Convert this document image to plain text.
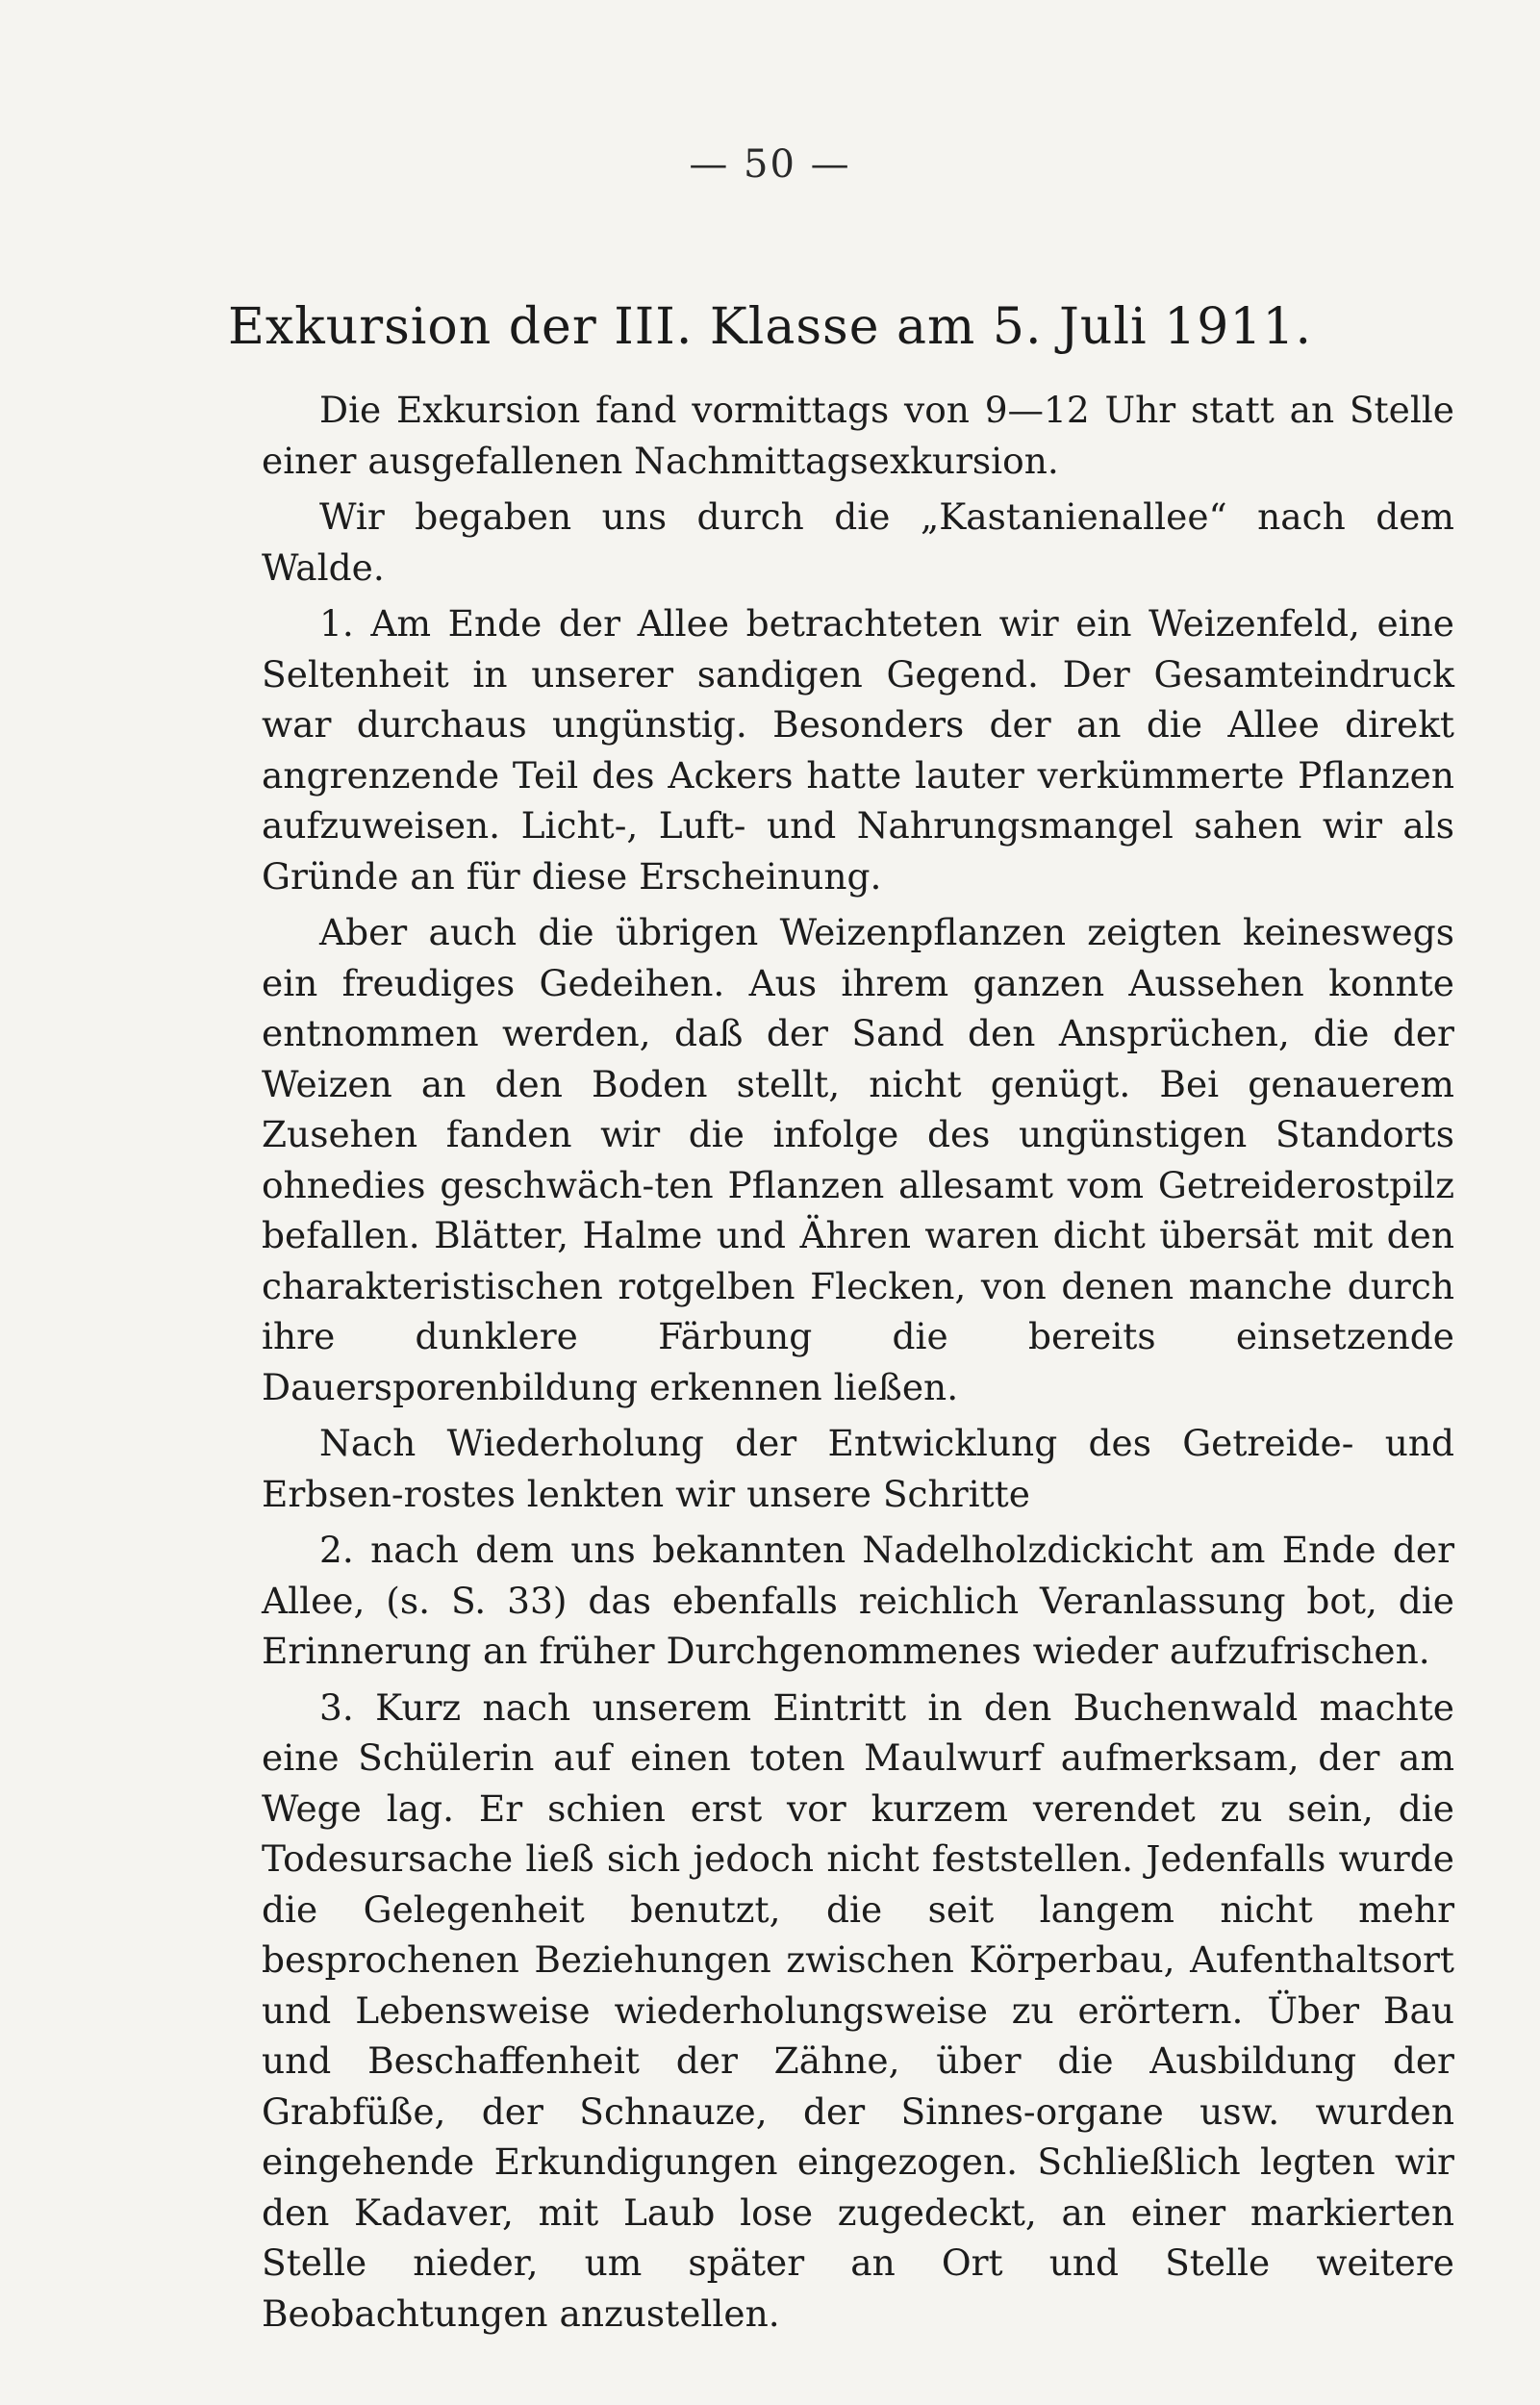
— 50 —
Exkursion der III. Klasse am 5. Juli 1911.

Die Exkursion fand vormittags von 9—12 Uhr statt an Stelle einer ausgefallenen Nachmittagsexkursion.

Wir begaben uns durch die „Kastanienallee“ nach dem Walde.

1. Am Ende der Allee betrachteten wir ein Weizenfeld, eine Seltenheit in unserer sandigen Gegend. Der Gesamteindruck war durchaus ungünstig. Besonders der an die Allee direkt angrenzende Teil des Ackers hatte lauter verkümmerte Pflanzen aufzuweisen. Licht-, Luft- und Nahrungsmangel sahen wir als Gründe an für diese Erscheinung.

Aber auch die übrigen Weizenpflanzen zeigten keineswegs ein freudiges Gedeihen. Aus ihrem ganzen Aussehen konnte entnommen werden, daß der Sand den Ansprüchen, die der Weizen an den Boden stellt, nicht genügt. Bei genauerem Zusehen fanden wir die infolge des ungünstigen Standorts ohnedies geschwäch-ten Pflanzen allesamt vom Getreiderostpilz befallen. Blätter, Halme und Ähren waren dicht übersät mit den charakteristischen rotgelben Flecken, von denen manche durch ihre dunklere Färbung die bereits einsetzende Dauersporenbildung erkennen ließen.

Nach Wiederholung der Entwicklung des Getreide- und Erbsen-rostes lenkten wir unsere Schritte

2. nach dem uns bekannten Nadelholzdickicht am Ende der Allee, (s. S. 33) das ebenfalls reichlich Veranlassung bot, die Erinnerung an früher Durchgenommenes wieder aufzufrischen.

3. Kurz nach unserem Eintritt in den Buchenwald machte eine Schülerin auf einen toten Maulwurf aufmerksam, der am Wege lag. Er schien erst vor kurzem verendet zu sein, die Todesursache ließ sich jedoch nicht feststellen. Jedenfalls wurde die Gelegenheit benutzt, die seit langem nicht mehr besprochenen Beziehungen zwischen Körperbau, Aufenthaltsort und Lebensweise wiederholungsweise zu erörtern. Über Bau und Beschaffenheit der Zähne, über die Ausbildung der Grabfüße, der Schnauze, der Sinnes-organe usw. wurden eingehende Erkundigungen eingezogen. Schließlich legten wir den Kadaver, mit Laub lose zugedeckt, an einer markierten Stelle nieder, um später an Ort und Stelle weitere Beobachtungen anzustellen.
